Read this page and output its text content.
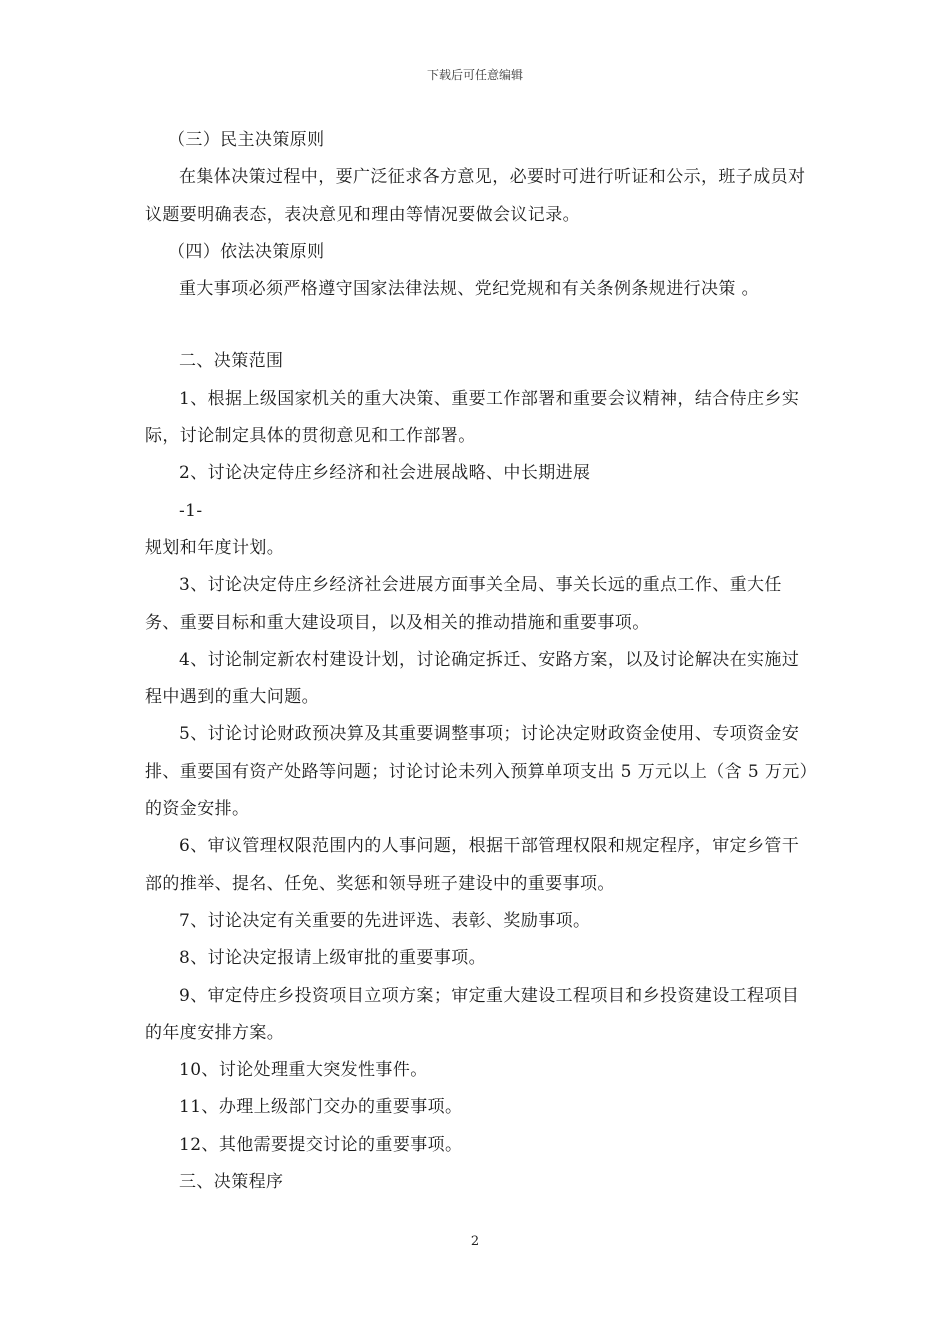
下载后可任意编辑

（三）民主决策原则

在集体决策过程中，要广泛征求各方意见，必要时可进行听证和公示，班子成员对议题要明确表态，表决意见和理由等情况要做会议记录。

（四）依法决策原则

重大事项必须严格遵守国家法律法规、党纪党规和有关条例条规进行决策 。

二、决策范围

1、根据上级国家机关的重大决策、重要工作部署和重要会议精神，结合侍庄乡实际，讨论制定具体的贯彻意见和工作部署。

2、讨论决定侍庄乡经济和社会进展战略、中长期进展

-1-

规划和年度计划。

3、讨论决定侍庄乡经济社会进展方面事关全局、事关长远的重点工作、重大任务、重要目标和重大建设项目，以及相关的推动措施和重要事项。

4、讨论制定新农村建设计划，讨论确定拆迁、安路方案，以及讨论解决在实施过程中遇到的重大问题。

5、讨论讨论财政预决算及其重要调整事项；讨论决定财政资金使用、专项资金安排、重要国有资产处路等问题；讨论讨论未列入预算单项支出 5 万元以上（含 5 万元）的资金安排。

6、审议管理权限范围内的人事问题，根据干部管理权限和规定程序，审定乡管干部的推举、提名、任免、奖惩和领导班子建设中的重要事项。

7、讨论决定有关重要的先进评选、表彰、奖励事项。

8、讨论决定报请上级审批的重要事项。

9、审定侍庄乡投资项目立项方案；审定重大建设工程项目和乡投资建设工程项目的年度安排方案。

10、讨论处理重大突发性事件。

11、办理上级部门交办的重要事项。

12、其他需要提交讨论的重要事项。

三、决策程序

2
